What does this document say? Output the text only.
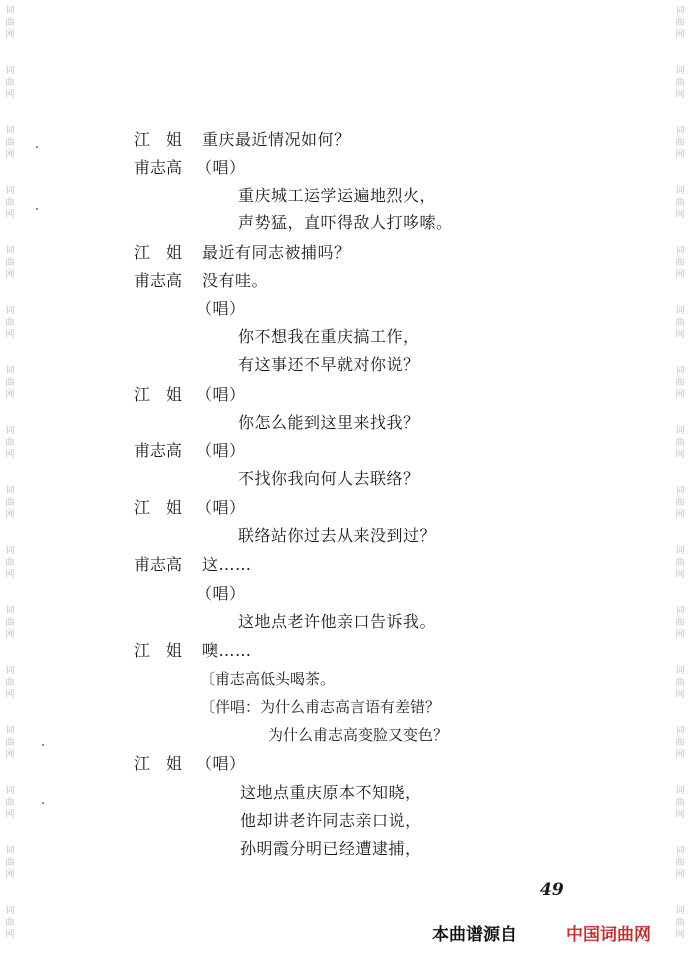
词
曲
网
词
曲
网
词
曲
网
词
曲
网
词
曲
网
词
曲
网
词
曲
网
词
曲
网
词
曲
网
词
曲
网
词
曲
网
词
曲
网
词
曲
网
词
曲
网
词
曲
网
词
曲
网
词
曲
网
词
曲
网
词
曲
网
词
曲
网
词
曲
网
词
曲
网
词
曲
网
词
曲
网
词
曲
网
词
曲
网
词
曲
网
词
曲
网
词
曲
网
词
曲
网
词
曲
网
词
曲
网
江　姐 重庆最近情况如何？
甫志高 （唱）
重庆城工运学运遍地烈火，
声势猛，直吓得敌人打哆嗦。
江　姐 最近有同志被捕吗？
甫志高 没有哇。
（唱）
你不想我在重庆搞工作，
有这事还不早就对你说？
江　姐 （唱）
你怎么能到这里来找我？
甫志高 （唱）
不找你我向何人去联络？
江　姐 （唱）
联络站你过去从来没到过？
甫志高 这……
（唱）
这地点老许他亲口告诉我。
江　姐 噢……
〔甫志高低头喝茶。
〔伴唱：为什么甫志高言语有差错？
为什么甫志高变脸又变色？
江　姐 （唱）
这地点重庆原本不知晓，
他却讲老许同志亲口说，
孙明霞分明已经遭逮捕，
49
本曲谱源自	中国词曲网
